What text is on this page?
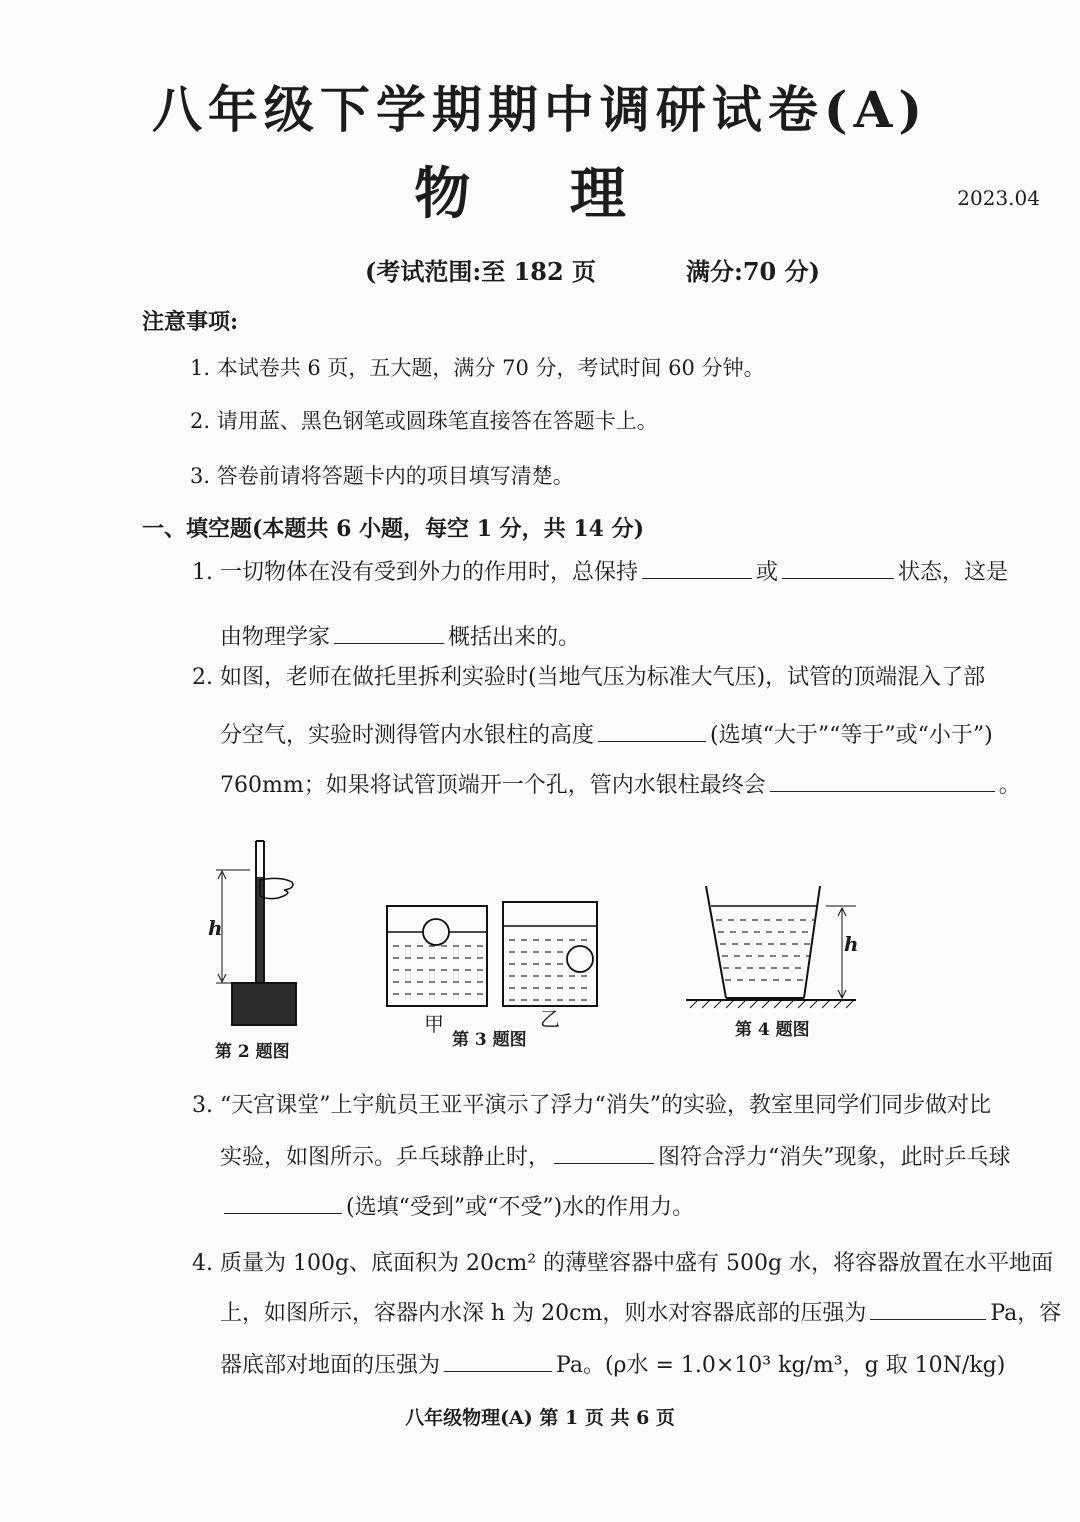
八年级下学期期中调研试卷(A)
物 理	2023.04
(考试范围:至 182 页	满分:70 分)
注意事项:
1. 本试卷共 6 页，五大题，满分 70 分，考试时间 60 分钟。
2. 请用蓝、黑色钢笔或圆珠笔直接答在答题卡上。
3. 答卷前请将答题卡内的项目填写清楚。
一、填空题(本题共 6 小题，每空 1 分，共 14 分)
1. 一切物体在没有受到外力的作用时，总保持	或	状态，这是
由物理学家	概括出来的。
2. 如图，老师在做托里拆利实验时(当地气压为标准大气压)，试管的顶端混入了部
分空气，实验时测得管内水银柱的高度	(选填“大于”“等于”或“小于”)
760mm；如果将试管顶端开一个孔，管内水银柱最终会	。
h
第 2 题图
甲	乙
第 3 题图
h
第 4 题图
3. “天宫课堂”上宇航员王亚平演示了浮力“消失”的实验，教室里同学们同步做对比
实验，如图所示。乒乓球静止时，	图符合浮力“消失”现象，此时乒乓球
(选填“受到”或“不受”)水的作用力。
4. 质量为 100g、底面积为 20cm² 的薄壁容器中盛有 500g 水，将容器放置在水平地面
上，如图所示，容器内水深 h 为 20cm，则水对容器底部的压强为	Pa，容
器底部对地面的压强为	Pa。(ρ水 = 1.0×10³ kg/m³，g 取 10N/kg)
八年级物理(A) 第 1 页 共 6 页
